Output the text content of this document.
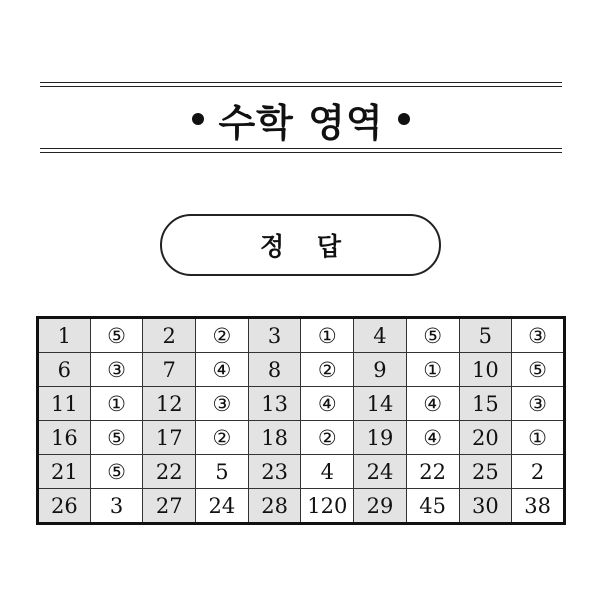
수학 영역
정 답
1	⑤	2	②	3	①	4	⑤	5	③
6	③	7	④	8	②	9	①	10	⑤
11	①	12	③	13	④	14	④	15	③
16	⑤	17	②	18	②	19	④	20	①
21	⑤	22	5	23	4	24	22	25	2
26	3	27	24	28	120	29	45	30	38
